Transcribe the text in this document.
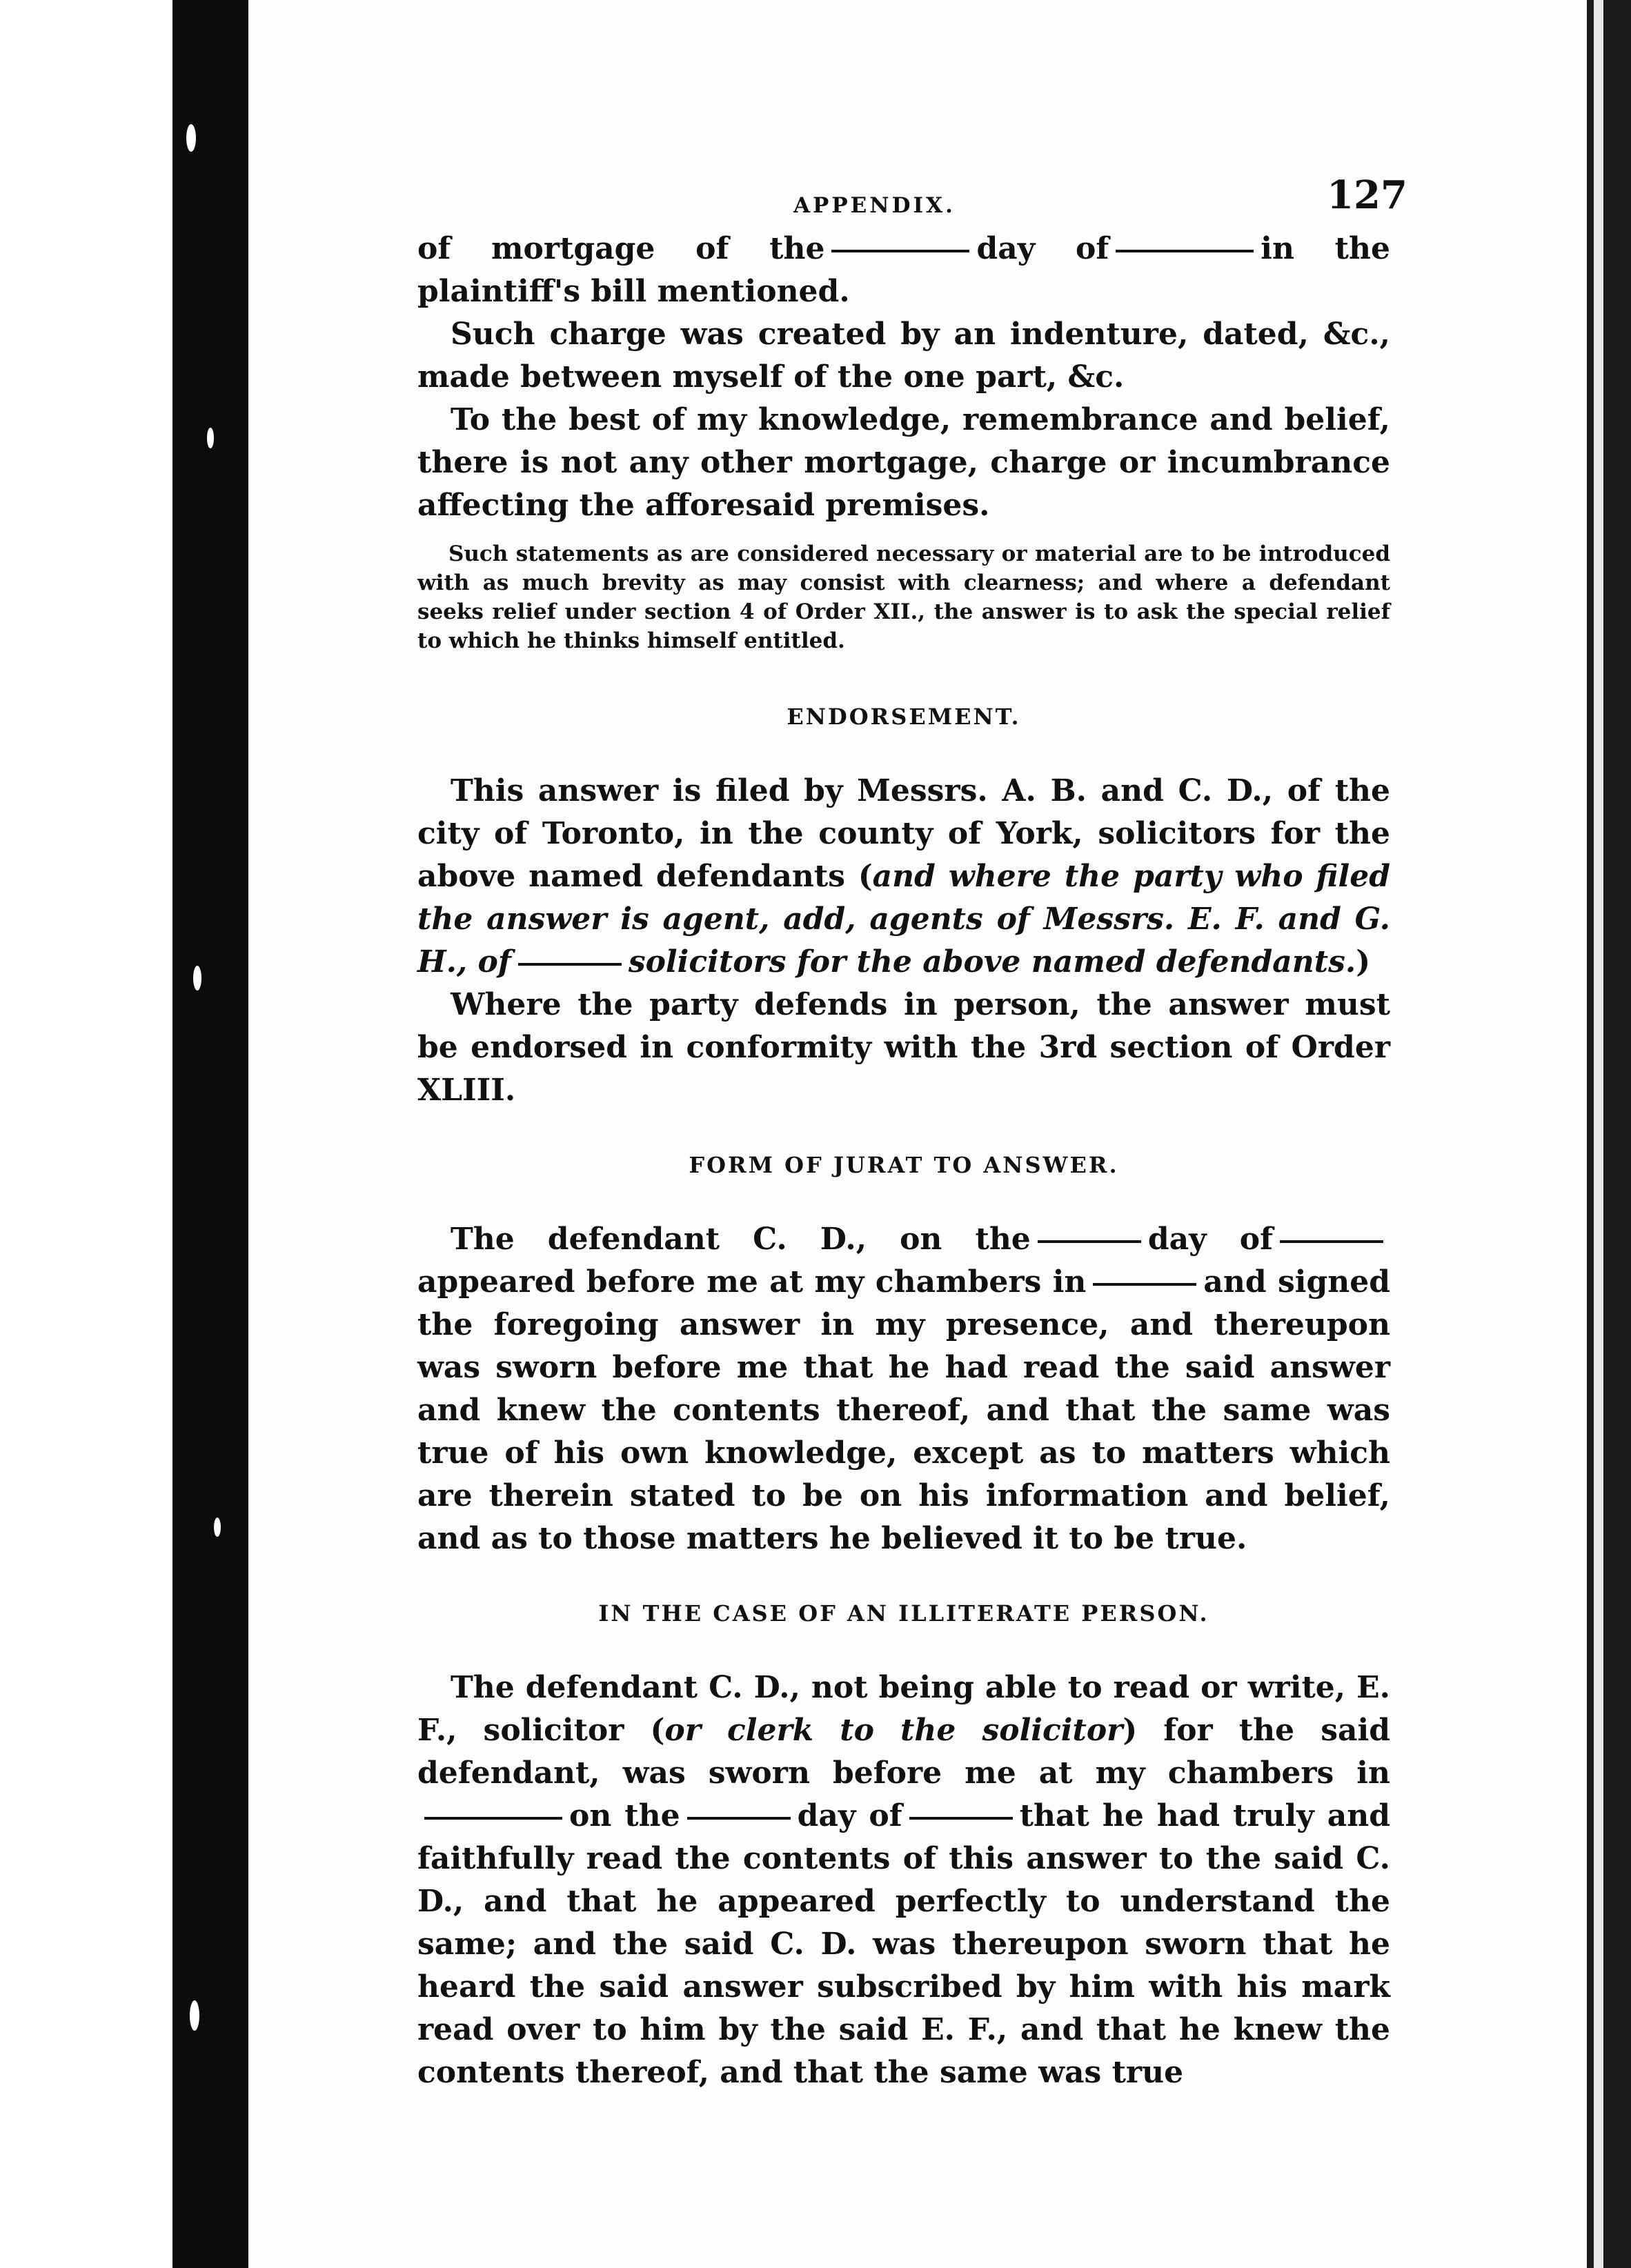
APPENDIX.	127

of mortgage of the	day of	in the plaintiff's bill mentioned.

Such charge was created by an indenture, dated, &c., made between myself of the one part, &c.

To the best of my knowledge, remembrance and belief, there is not any other mortgage, charge or incumbrance affecting the afforesaid premises.

Such statements as are considered necessary or material are to be introduced with as much brevity as may consist with clearness; and where a defendant seeks relief under section 4 of Order XII., the answer is to ask the special relief to which he thinks himself entitled.

ENDORSEMENT.

This answer is filed by Messrs. A. B. and C. D., of the city of Toronto, in the county of York, solicitors for the above named defendants (and where the party who filed the answer is agent, add, agents of Messrs. E. F. and G. H., of	solicitors for the above named defendants.)

Where the party defends in person, the answer must be endorsed in conformity with the 3rd section of Order XLIII.

FORM OF JURAT TO ANSWER.

The defendant C. D., on the	day ofappeared before me at my chambers in	and signed the foregoing answer in my presence, and thereupon was sworn before me that he had read the said answer and knew the contents thereof, and that the same was true of his own knowledge, except as to matters which are therein stated to be on his information and belief, and as to those matters he believed it to be true.

IN THE CASE OF AN ILLITERATE PERSON.

The defendant C. D., not being able to read or write, E. F., solicitor (or clerk to the solicitor) for the said defendant, was sworn before me at my chambers inon the	day of	that he had truly and faithfully read the contents of this answer to the said C. D., and that he appeared perfectly to understand the same; and the said C. D. was thereupon sworn that he heard the said answer subscribed by him with his mark read over to him by the said E. F., and that he knew the contents thereof, and that the same was true
